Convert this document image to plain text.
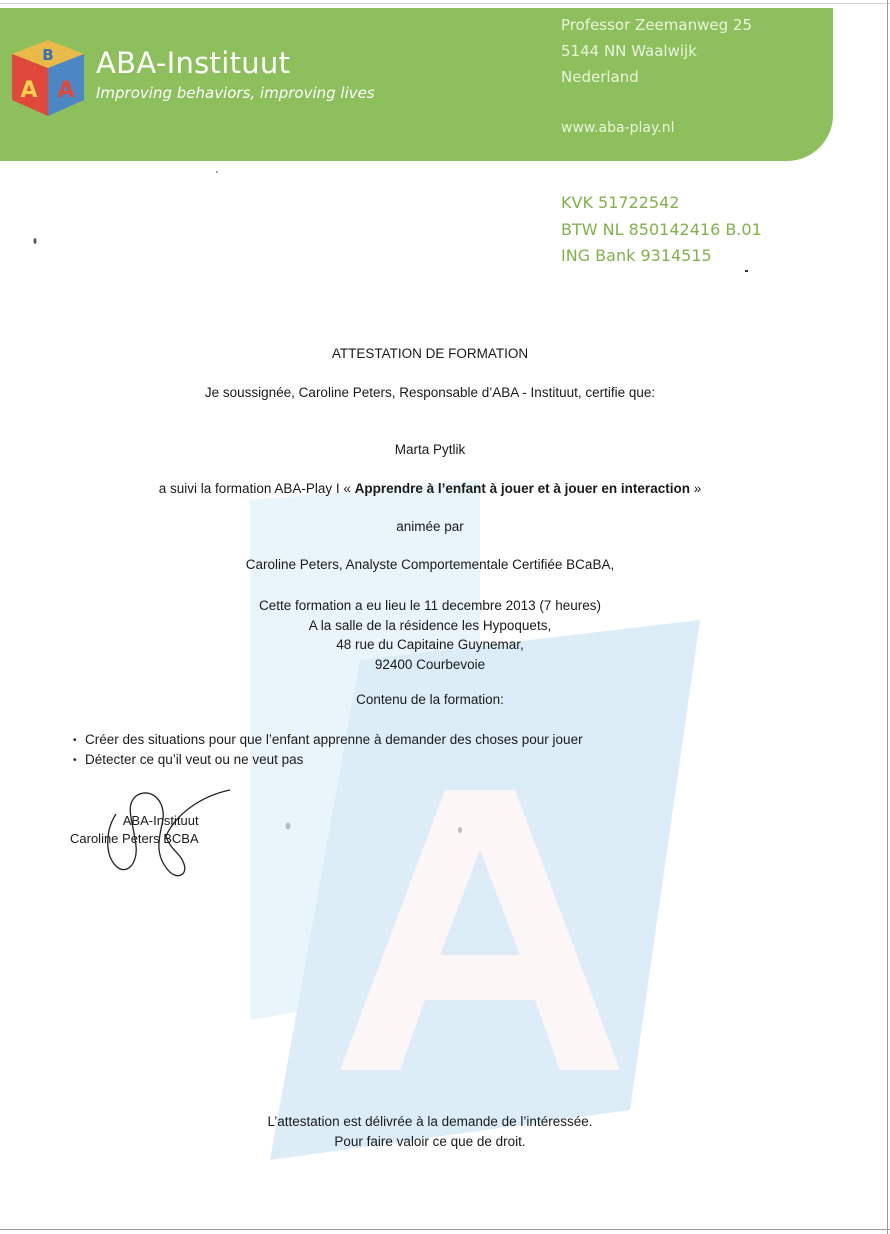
B
A A
ABA-Instituut
Improving behaviors, improving lives
Professor Zeemanweg 25
5144 NN Waalwijk
Nederland
www.aba-play.nl
KVK 51722542
BTW NL 850142416 B.01
ING Bank 9314515
ATTESTATION DE FORMATION
Je soussignée, Caroline Peters, Responsable d’ABA - Instituut, certifie que:
Marta Pytlik
a suivi la formation ABA-Play I « Apprendre à l’enfant à jouer et à jouer en interaction »
animée par
Caroline Peters, Analyste Comportementale Certifiée BCaBA,
Cette formation a eu lieu le 11 decembre 2013 (7 heures)
A la salle de la résidence les Hypoquets,
48 rue du Capitaine Guynemar,
92400 Courbevoie
Contenu de la formation:
• Créer des situations pour que l’enfant apprenne à demander des choses pour jouer
• Détecter ce qu’il veut ou ne veut pas
ABA-Instituut
Caroline Peters BCBA
L’attestation est délivrée à la demande de l’intéressée.
Pour faire valoir ce que de droit.
